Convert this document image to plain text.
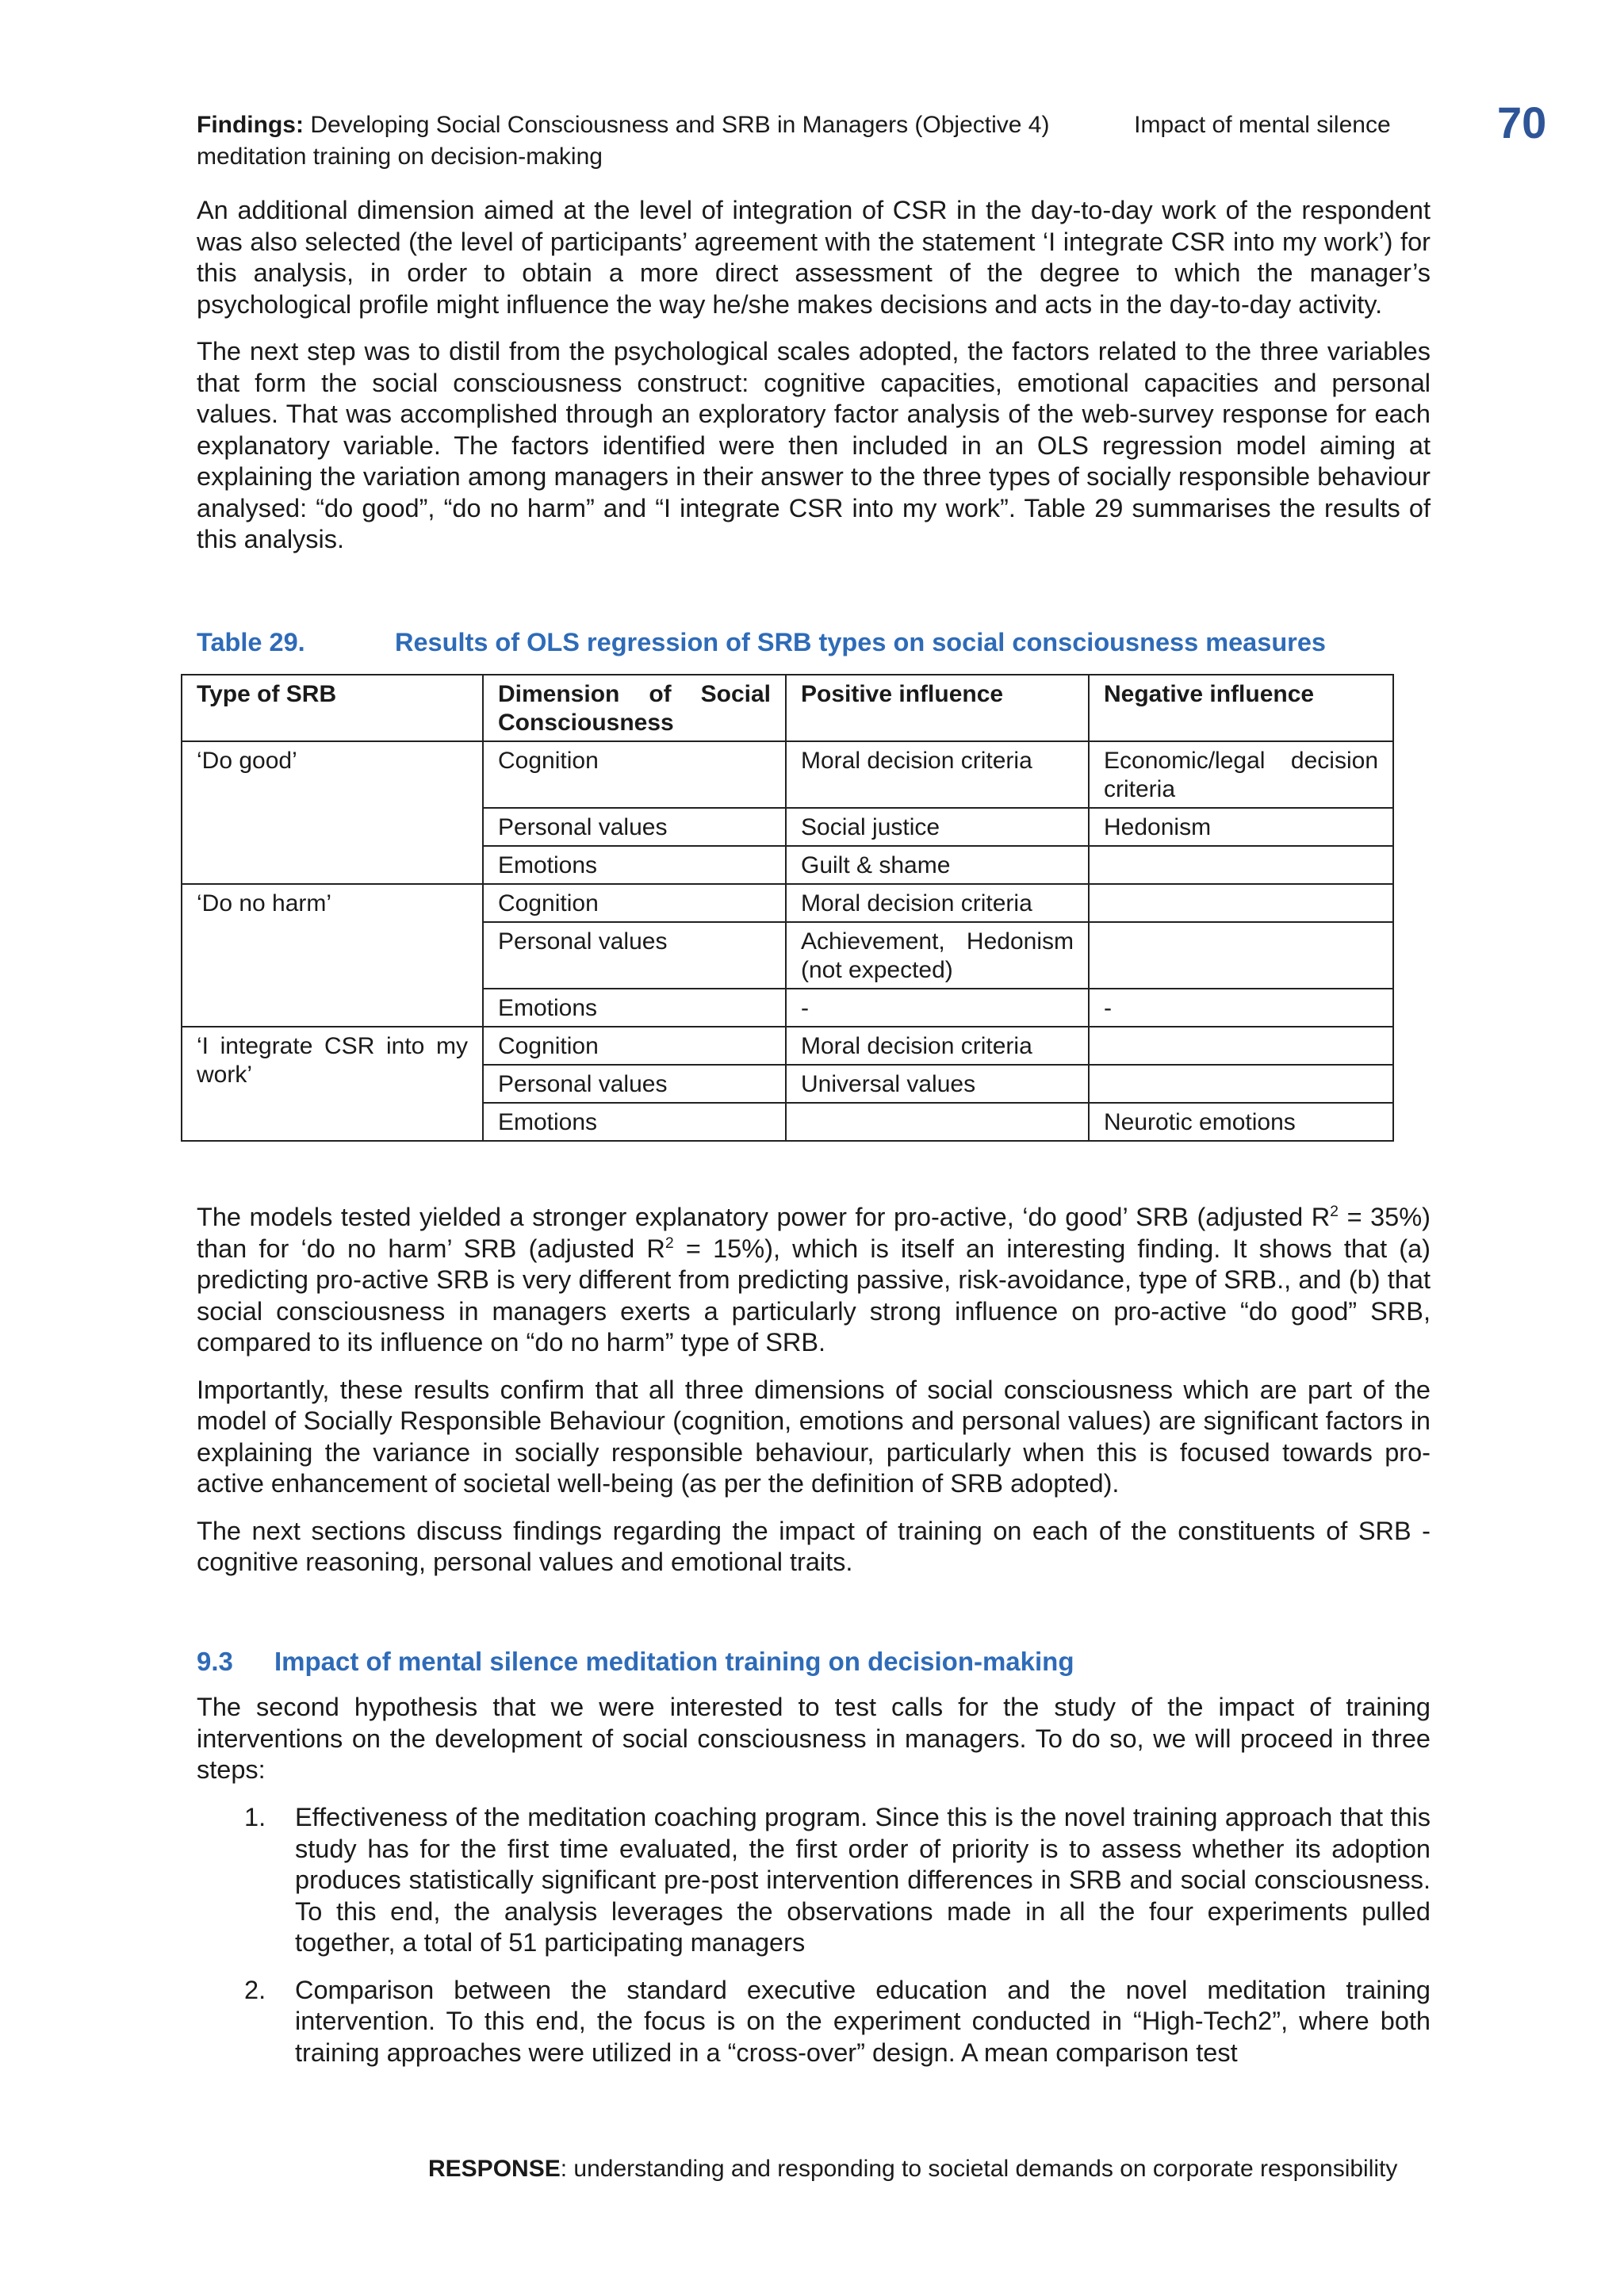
70
Findings: Developing Social Consciousness and SRB in Managers (Objective 4)	Impact of mental silence
meditation training on decision-making

An additional dimension aimed at the level of integration of CSR in the day-to-day work of the respondent was also selected (the level of participants’ agreement with the statement ‘I integrate CSR into my work’) for this analysis, in order to obtain a more direct assessment of the degree to which the manager’s psychological profile might influence the way he/she makes decisions and acts in the day-to-day activity.

The next step was to distil from the psychological scales adopted, the factors related to the three variables that form the social consciousness construct: cognitive capacities, emotional capacities and personal values. That was accomplished through an exploratory factor analysis of the web-survey response for each explanatory variable. The factors identified were then included in an OLS regression model aiming at explaining the variation among managers in their answer to the three types of socially responsible behaviour analysed: “do good”, “do no harm” and “I integrate CSR into my work”. Table 29 summarises the results of this analysis.

Table 29.	Results of OLS regression of SRB types on social consciousness measures
Type of SRB	Dimension of Social Consciousness	Positive influence	Negative influence
‘Do good’	Cognition	Moral decision criteria	Economic/legal decision criteria
	Personal values	Social justice	Hedonism
	Emotions	Guilt & shame	
‘Do no harm’	Cognition	Moral decision criteria	
	Personal values	Achievement, Hedonism (not expected)	
	Emotions	-	-
‘I integrate CSR into my work’	Cognition	Moral decision criteria	
	Personal values	Universal values	
	Emotions		Neurotic emotions

The models tested yielded a stronger explanatory power for pro-active, ‘do good’ SRB (adjusted $R^2 = 35\%$) than for ‘do no harm’ SRB (adjusted $R^2 = 15\%$), which is itself an interesting finding. It shows that (a) predicting pro-active SRB is very different from predicting passive, risk-avoidance, type of SRB., and (b) that social consciousness in managers exerts a particularly strong influence on pro-active “do good” SRB, compared to its influence on “do no harm” type of SRB.

Importantly, these results confirm that all three dimensions of social consciousness which are part of the model of Socially Responsible Behaviour (cognition, emotions and personal values) are significant factors in explaining the variance in socially responsible behaviour, particularly when this is focused towards pro-active enhancement of societal well-being (as per the definition of SRB adopted).

The next sections discuss findings regarding the impact of training on each of the constituents of SRB - cognitive reasoning, personal values and emotional traits.

9.3 Impact of mental silence meditation training on decision-making

The second hypothesis that we were interested to test calls for the study of the impact of training interventions on the development of social consciousness in managers. To do so, we will proceed in three steps:

1. Effectiveness of the meditation coaching program. Since this is the novel training approach that this study has for the first time evaluated, the first order of priority is to assess whether its adoption produces statistically significant pre-post intervention differences in SRB and social consciousness. To this end, the analysis leverages the observations made in all the four experiments pulled together, a total of 51 participating managers
2. Comparison between the standard executive education and the novel meditation training intervention. To this end, the focus is on the experiment conducted in “High-Tech2”, where both training approaches were utilized in a “cross-over” design. A mean comparison test
RESPONSE: understanding and responding to societal demands on corporate responsibility
